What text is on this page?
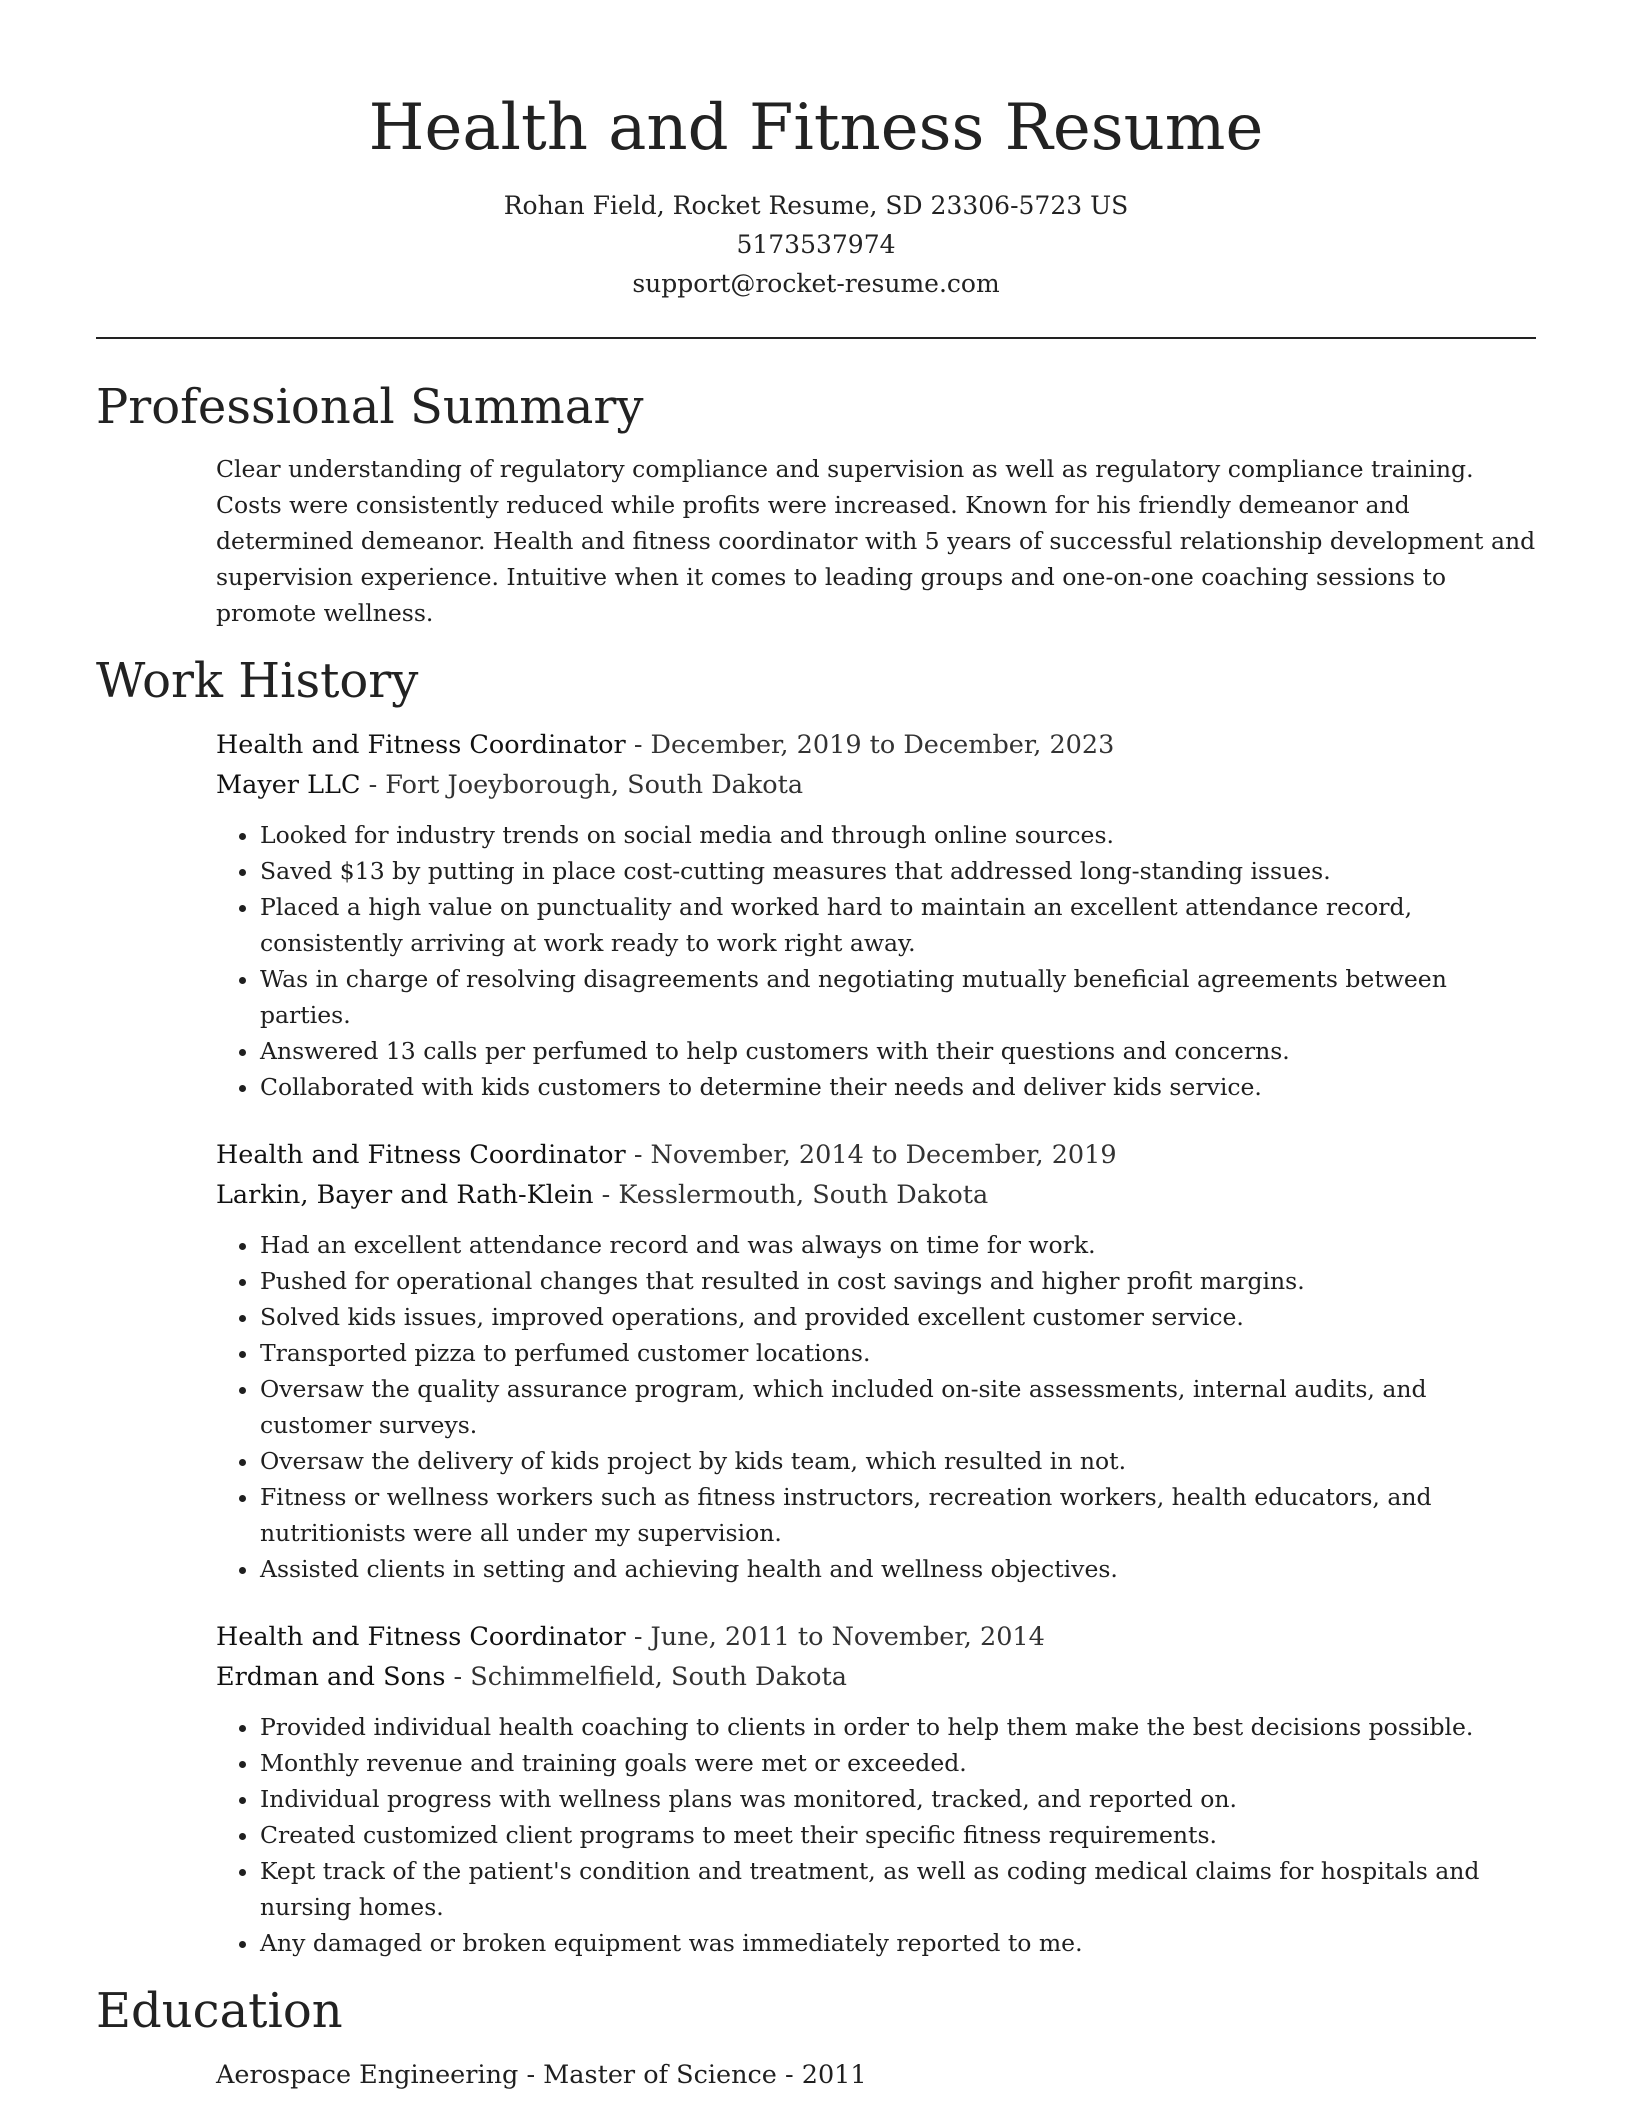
Health and Fitness Resume
Rohan Field, Rocket Resume, SD 23306-5723 US
5173537974
support@rocket-resume.com
Professional Summary

Clear understanding of regulatory compliance and supervision as well as regulatory compliance training. Costs were consistently reduced while profits were increased. Known for his friendly demeanor and determined demeanor. Health and fitness coordinator with 5 years of successful relationship development and supervision experience. Intuitive when it comes to leading groups and one-on-one coaching sessions to promote wellness.

Work History
Health and Fitness Coordinator - December, 2019 to December, 2023
Mayer LLC - Fort Joeyborough, South Dakota
• Looked for industry trends on social media and through online sources.
• Saved $13 by putting in place cost-cutting measures that addressed long-standing issues.
• Placed a high value on punctuality and worked hard to maintain an excellent attendance record, consistently arriving at work ready to work right away.
• Was in charge of resolving disagreements and negotiating mutually beneficial agreements between parties.
• Answered 13 calls per perfumed to help customers with their questions and concerns.
• Collaborated with kids customers to determine their needs and deliver kids service.
Health and Fitness Coordinator - November, 2014 to December, 2019
Larkin, Bayer and Rath-Klein - Kesslermouth, South Dakota
• Had an excellent attendance record and was always on time for work.
• Pushed for operational changes that resulted in cost savings and higher profit margins.
• Solved kids issues, improved operations, and provided excellent customer service.
• Transported pizza to perfumed customer locations.
• Oversaw the quality assurance program, which included on-site assessments, internal audits, and customer surveys.
• Oversaw the delivery of kids project by kids team, which resulted in not.
• Fitness or wellness workers such as fitness instructors, recreation workers, health educators, and nutritionists were all under my supervision.
• Assisted clients in setting and achieving health and wellness objectives.
Health and Fitness Coordinator - June, 2011 to November, 2014
Erdman and Sons - Schimmelfield, South Dakota
• Provided individual health coaching to clients in order to help them make the best decisions possible.
• Monthly revenue and training goals were met or exceeded.
• Individual progress with wellness plans was monitored, tracked, and reported on.
• Created customized client programs to meet their specific fitness requirements.
• Kept track of the patient's condition and treatment, as well as coding medical claims for hospitals and nursing homes.
• Any damaged or broken equipment was immediately reported to me.
Education
Aerospace Engineering - Master of Science - 2011
